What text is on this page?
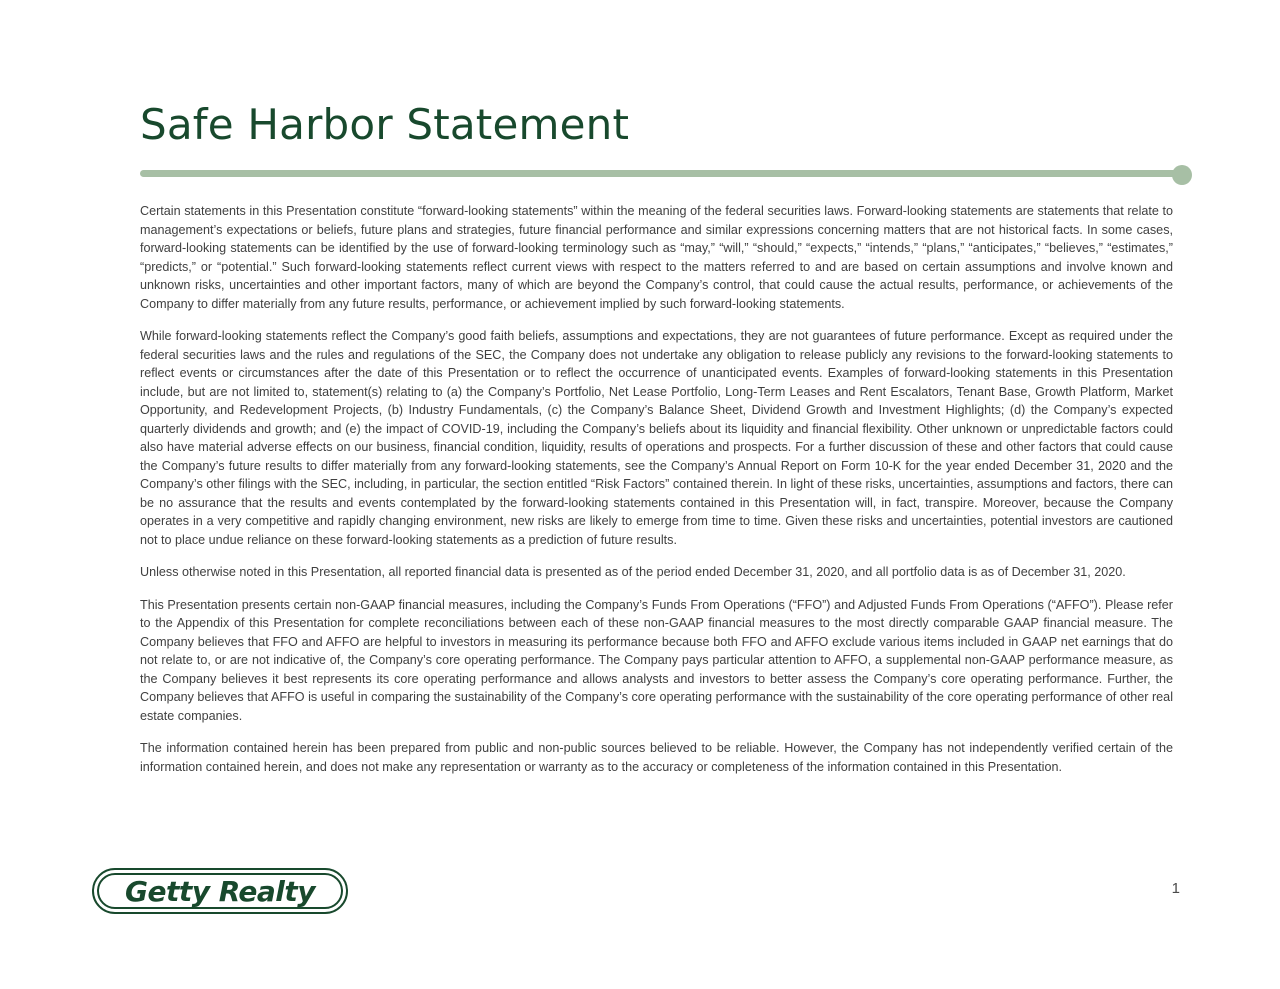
Safe Harbor Statement

Certain statements in this Presentation constitute “forward-looking statements” within the meaning of the federal securities laws. Forward-looking statements are statements that relate to management’s expectations or beliefs, future plans and strategies, future financial performance and similar expressions concerning matters that are not historical facts. In some cases, forward-looking statements can be identified by the use of forward-looking terminology such as “may,” “will,” “should,” “expects,” “intends,” “plans,” “anticipates,” “believes,” “estimates,” “predicts,” or “potential.” Such forward-looking statements reflect current views with respect to the matters referred to and are based on certain assumptions and involve known and unknown risks, uncertainties and other important factors, many of which are beyond the Company’s control, that could cause the actual results, performance, or achievements of the Company to differ materially from any future results, performance, or achievement implied by such forward-looking statements.

While forward-looking statements reflect the Company’s good faith beliefs, assumptions and expectations, they are not guarantees of future performance. Except as required under the federal securities laws and the rules and regulations of the SEC, the Company does not undertake any obligation to release publicly any revisions to the forward-looking statements to reflect events or circumstances after the date of this Presentation or to reflect the occurrence of unanticipated events. Examples of forward-looking statements in this Presentation include, but are not limited to, statement(s) relating to (a) the Company’s Portfolio, Net Lease Portfolio, Long-Term Leases and Rent Escalators, Tenant Base, Growth Platform, Market Opportunity, and Redevelopment Projects, (b) Industry Fundamentals, (c) the Company’s Balance Sheet, Dividend Growth and Investment Highlights; (d) the Company’s expected quarterly dividends and growth; and (e) the impact of COVID-19, including the Company’s beliefs about its liquidity and financial flexibility. Other unknown or unpredictable factors could also have material adverse effects on our business, financial condition, liquidity, results of operations and prospects. For a further discussion of these and other factors that could cause the Company’s future results to differ materially from any forward-looking statements, see the Company’s Annual Report on Form 10-K for the year ended December 31, 2020 and the Company’s other filings with the SEC, including, in particular, the section entitled “Risk Factors” contained therein. In light of these risks, uncertainties, assumptions and factors, there can be no assurance that the results and events contemplated by the forward-looking statements contained in this Presentation will, in fact, transpire. Moreover, because the Company operates in a very competitive and rapidly changing environment, new risks are likely to emerge from time to time. Given these risks and uncertainties, potential investors are cautioned not to place undue reliance on these forward-looking statements as a prediction of future results.

Unless otherwise noted in this Presentation, all reported financial data is presented as of the period ended December 31, 2020, and all portfolio data is as of December 31, 2020.

This Presentation presents certain non-GAAP financial measures, including the Company’s Funds From Operations (“FFO”) and Adjusted Funds From Operations (“AFFO”). Please refer to the Appendix of this Presentation for complete reconciliations between each of these non-GAAP financial measures to the most directly comparable GAAP financial measure. The Company believes that FFO and AFFO are helpful to investors in measuring its performance because both FFO and AFFO exclude various items included in GAAP net earnings that do not relate to, or are not indicative of, the Company’s core operating performance. The Company pays particular attention to AFFO, a supplemental non-GAAP performance measure, as the Company believes it best represents its core operating performance and allows analysts and investors to better assess the Company’s core operating performance. Further, the Company believes that AFFO is useful in comparing the sustainability of the Company’s core operating performance with the sustainability of the core operating performance of other real estate companies.

The information contained herein has been prepared from public and non-public sources believed to be reliable. However, the Company has not independently verified certain of the information contained herein, and does not make any representation or warranty as to the accuracy or completeness of the information contained in this Presentation.

Getty Realty	1
